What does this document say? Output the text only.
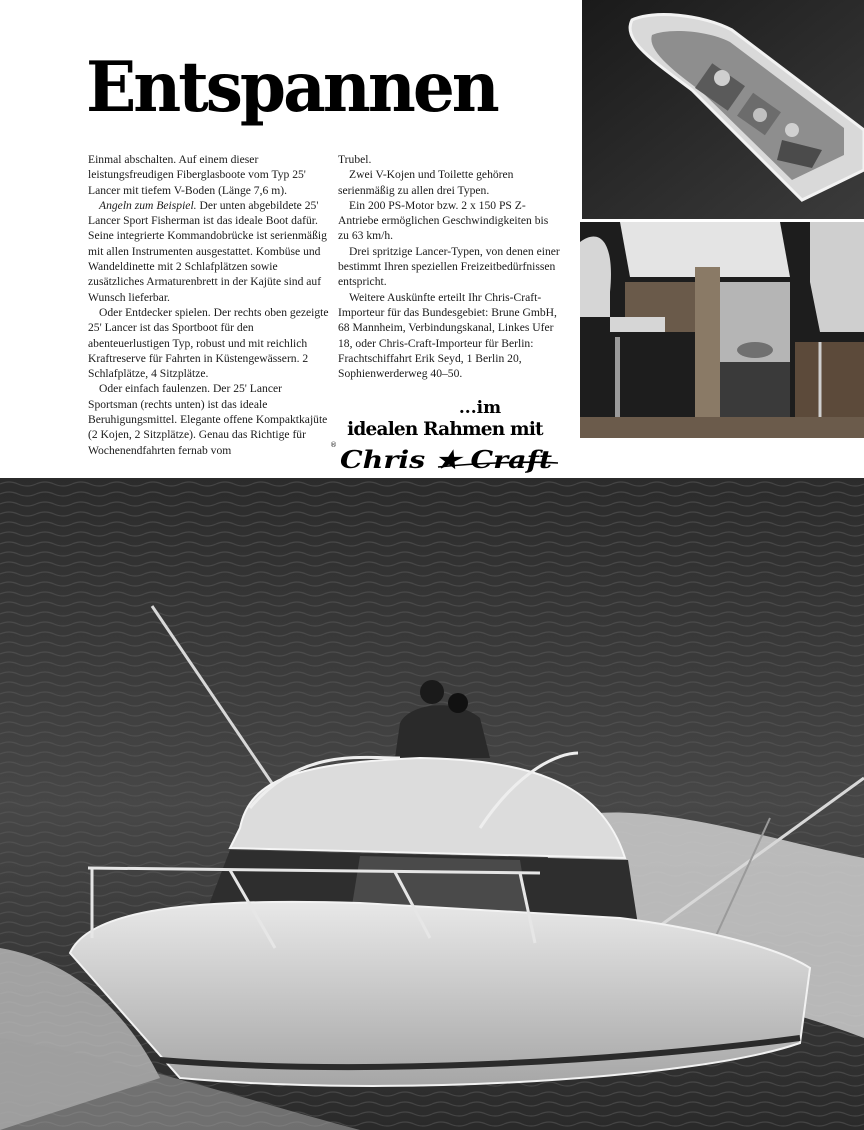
Entspannen

Einmal abschalten. Auf einem dieser leistungsfreudigen Fiberglasboote vom Typ 25' Lancer mit tiefem V-Boden (Länge 7,6 m).

Angeln zum Beispiel. Der unten abgebildete 25' Lancer Sport Fisherman ist das ideale Boot dafür. Seine integrierte Kommandobrücke ist serienmäßig mit allen Instrumenten ausgestattet. Kombüse und Wandeldinette mit 2 Schlafplätzen sowie zusätzliches Armaturenbrett in der Kajüte sind auf Wunsch lieferbar.

Oder Entdecker spielen. Der rechts oben gezeigte 25' Lancer ist das Sportboot für den abenteuerlustigen Typ, robust und mit reichlich Kraftreserve für Fahrten in Küstengewässern. 2 Schlafplätze, 4 Sitzplätze.

Oder einfach faulenzen. Der 25' Lancer Sportsman (rechts unten) ist das ideale Beruhigungsmittel. Elegante offene Kompaktkajüte (2 Kojen, 2 Sitzplätze). Genau das Richtige für Wochenendfahrten fernab vom

Trubel.

Zwei V-Kojen und Toilette gehören serienmäßig zu allen drei Typen.

Ein 200 PS-Motor bzw. 2 x 150 PS Z-Antriebe ermöglichen Geschwindigkeiten bis zu 63 km/h.

Drei spritzige Lancer-Typen, von denen einer bestimmt Ihren speziellen Freizeitbedürfnissen entspricht.

Weitere Auskünfte erteilt Ihr Chris-Craft-Importeur für das Bundesgebiet: Brune GmbH, 68 Mannheim, Verbindungskanal, Linkes Ufer 18, oder Chris-Craft-Importeur für Berlin: Frachtschiffahrt Erik Seyd, 1 Berlin 20, Sophienwerderweg 40–50.

...im
idealen Rahmen mit
® Chris ★ Craft
